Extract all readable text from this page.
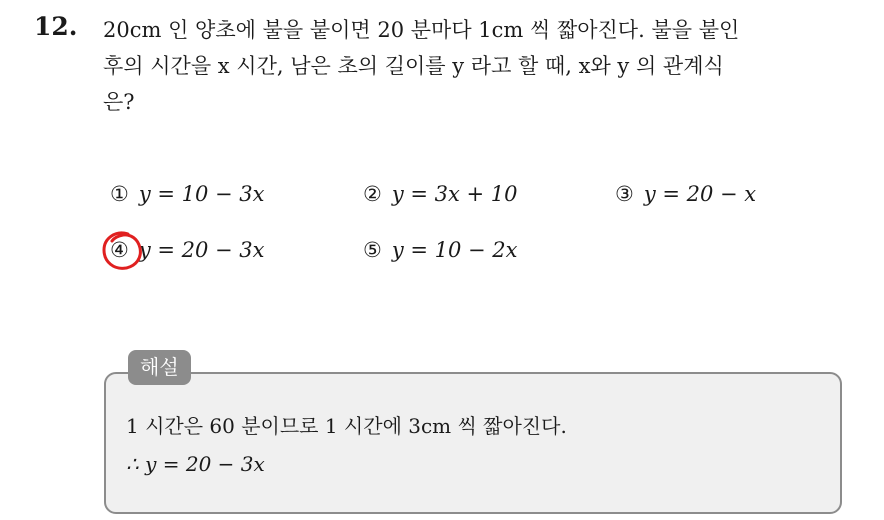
12. 20cm 인 양초에 불을 붙이면 20 분마다 1cm 씩 짧아진다. 불을 붙인
후의 시간을 x 시간, 남은 초의 길이를 y 라고 할 때, x와 y 의 관계식
은?
① y = 10 − 3x	② y = 3x + 10	③ y = 20 − x
④ y = 20 − 3x	⑤ y = 10 − 2x
해설
1 시간은 60 분이므로 1 시간에 3cm 씩 짧아진다.
∴ y = 20 − 3x
